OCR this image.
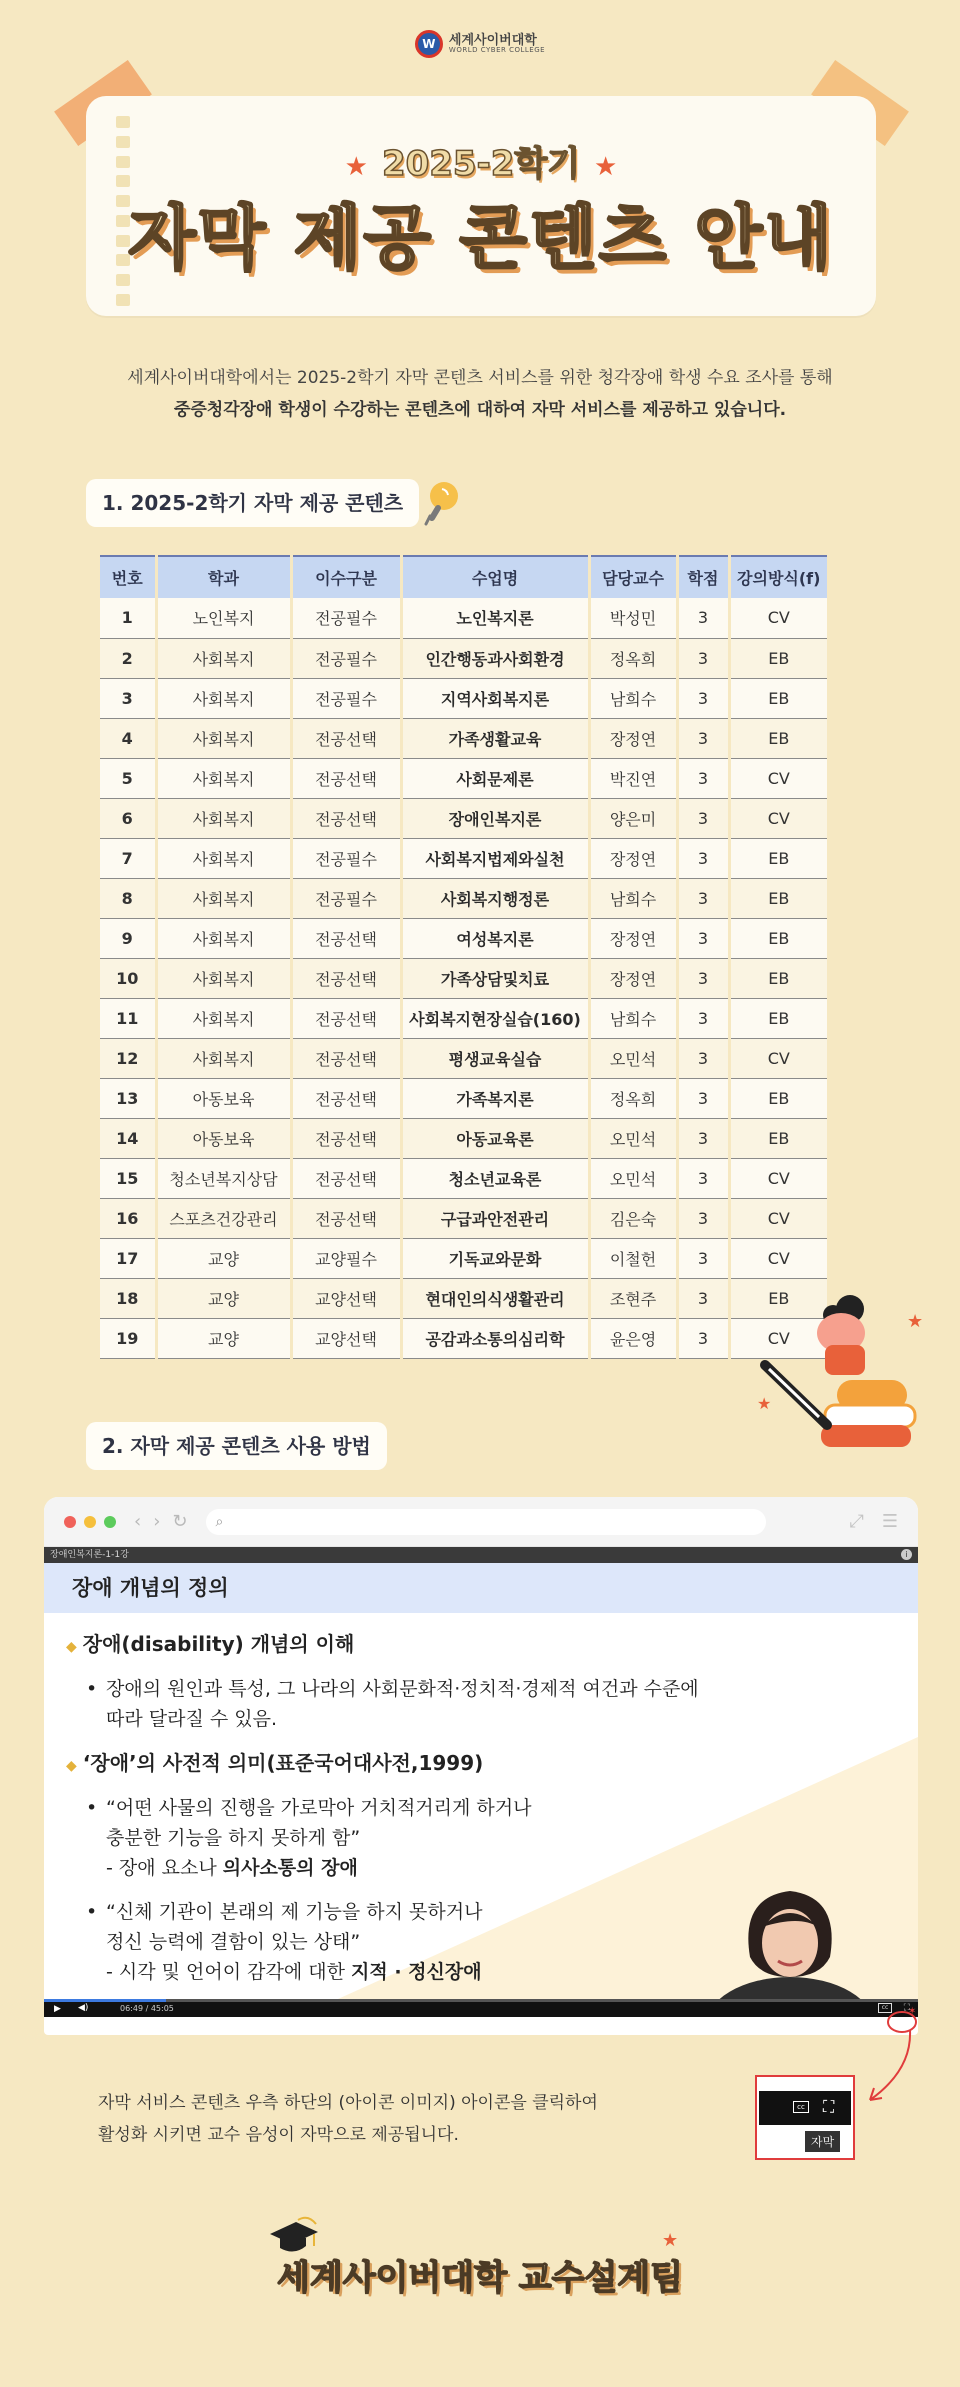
W	세계사이버대학
WORLD CYBER COLLEGE
★ 2025-2학기 ★
자막 제공 콘텐츠 안내
세계사이버대학에서는 2025-2학기 자막 콘텐츠 서비스를 위한 청각장애 학생 수요 조사를 통해
중증청각장애 학생이 수강하는 콘텐츠에 대하여 자막 서비스를 제공하고 있습니다.
1. 2025-2학기 자막 제공 콘텐츠
번호	학과	이수구분	수업명	담당교수	학점	강의방식(f)
1	노인복지	전공필수	노인복지론	박성민	3	CV
2	사회복지	전공필수	인간행동과사회환경	정옥희	3	EB
3	사회복지	전공필수	지역사회복지론	남희수	3	EB
4	사회복지	전공선택	가족생활교육	장정연	3	EB
5	사회복지	전공선택	사회문제론	박진연	3	CV
6	사회복지	전공선택	장애인복지론	양은미	3	CV
7	사회복지	전공필수	사회복지법제와실천	장정연	3	EB
8	사회복지	전공필수	사회복지행정론	남희수	3	EB
9	사회복지	전공선택	여성복지론	장정연	3	EB
10	사회복지	전공선택	가족상담및치료	장정연	3	EB
11	사회복지	전공선택	사회복지현장실습(160)	남희수	3	EB
12	사회복지	전공선택	평생교육실습	오민석	3	CV
13	아동보육	전공선택	가족복지론	정옥희	3	EB
14	아동보육	전공선택	아동교육론	오민석	3	EB
15	청소년복지상담	전공선택	청소년교육론	오민석	3	CV
16	스포츠건강관리	전공선택	구급과안전관리	김은숙	3	CV
17	교양	교양필수	기독교와문화	이철헌	3	CV
18	교양	교양선택	현대인의식생활관리	조현주	3	EB
19	교양	교양선택	공감과소통의심리학	윤은영	3	CV
★
★
2. 자막 제공 콘텐츠 사용 방법
‹ › ↻ ⌕	⤢ ☰
장애인복지론-1-1강	i
장애 개념의 정의
◆ 장애(disability) 개념의 이해
• 장애의 원인과 특성, 그 나라의 사회문화적·정치적·경제적 여건과 수준에
따라 달라질 수 있음.
◆ ‘장애’의 사전적 의미(표준국어대사전,1999)
• “어떤 사물의 진행을 가로막아 거치적거리게 하거나
충분한 기능을 하지 못하게 함”
- 장애 요소나 의사소통의 장애
• “신체 기관이 본래의 제 기능을 하지 못하거나
정신 능력에 결함이 있는 상태”
- 시각 및 언어이 감각에 대한 지적 · 정신장애
▶ ◀)	06:49 / 45:05	cc	⛶
✶
자막 서비스 콘텐츠 우측 하단의 (아이콘 이미지) 아이콘을 클릭하여
활성화 시키면 교수 음성이 자막으로 제공됩니다.
cc ⛶
자막
세계사이버대학 교수설계팀
★
